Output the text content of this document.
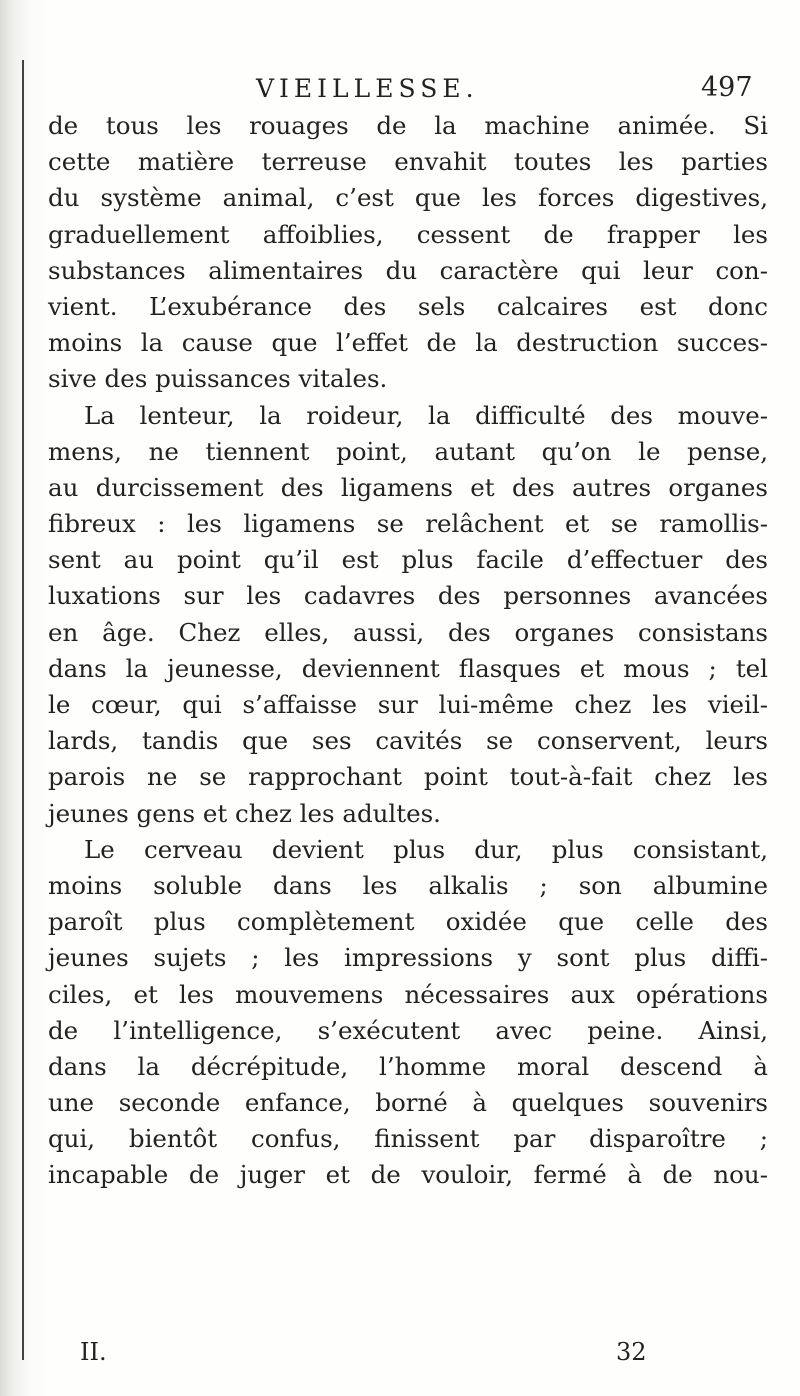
VIEILLESSE.	497
de tous les rouages de la machine animée. Si
cette matière terreuse envahit toutes les parties
du système animal, c’est que les forces digestives,
graduellement affoiblies, cessent de frapper les
substances alimentaires du caractère qui leur con-
vient. L’exubérance des sels calcaires est donc
moins la cause que l’effet de la destruction succes-
sive des puissances vitales.
La lenteur, la roideur, la difficulté des mouve-
mens, ne tiennent point, autant qu’on le pense,
au durcissement des ligamens et des autres organes
fibreux : les ligamens se relâchent et se ramollis-
sent au point qu’il est plus facile d’effectuer des
luxations sur les cadavres des personnes avancées
en âge. Chez elles, aussi, des organes consistans
dans la jeunesse, deviennent flasques et mous ; tel
le cœur, qui s’affaisse sur lui-même chez les vieil-
lards, tandis que ses cavités se conservent, leurs
parois ne se rapprochant point tout-à-fait chez les
jeunes gens et chez les adultes.
Le cerveau devient plus dur, plus consistant,
moins soluble dans les alkalis ; son albumine
paroît plus complètement oxidée que celle des
jeunes sujets ; les impressions y sont plus diffi-
ciles, et les mouvemens nécessaires aux opérations
de l’intelligence, s’exécutent avec peine. Ainsi,
dans la décrépitude, l’homme moral descend à
une seconde enfance, borné à quelques souvenirs
qui, bientôt confus, finissent par disparoître ;
incapable de juger et de vouloir, fermé à de nou-
II.	32
